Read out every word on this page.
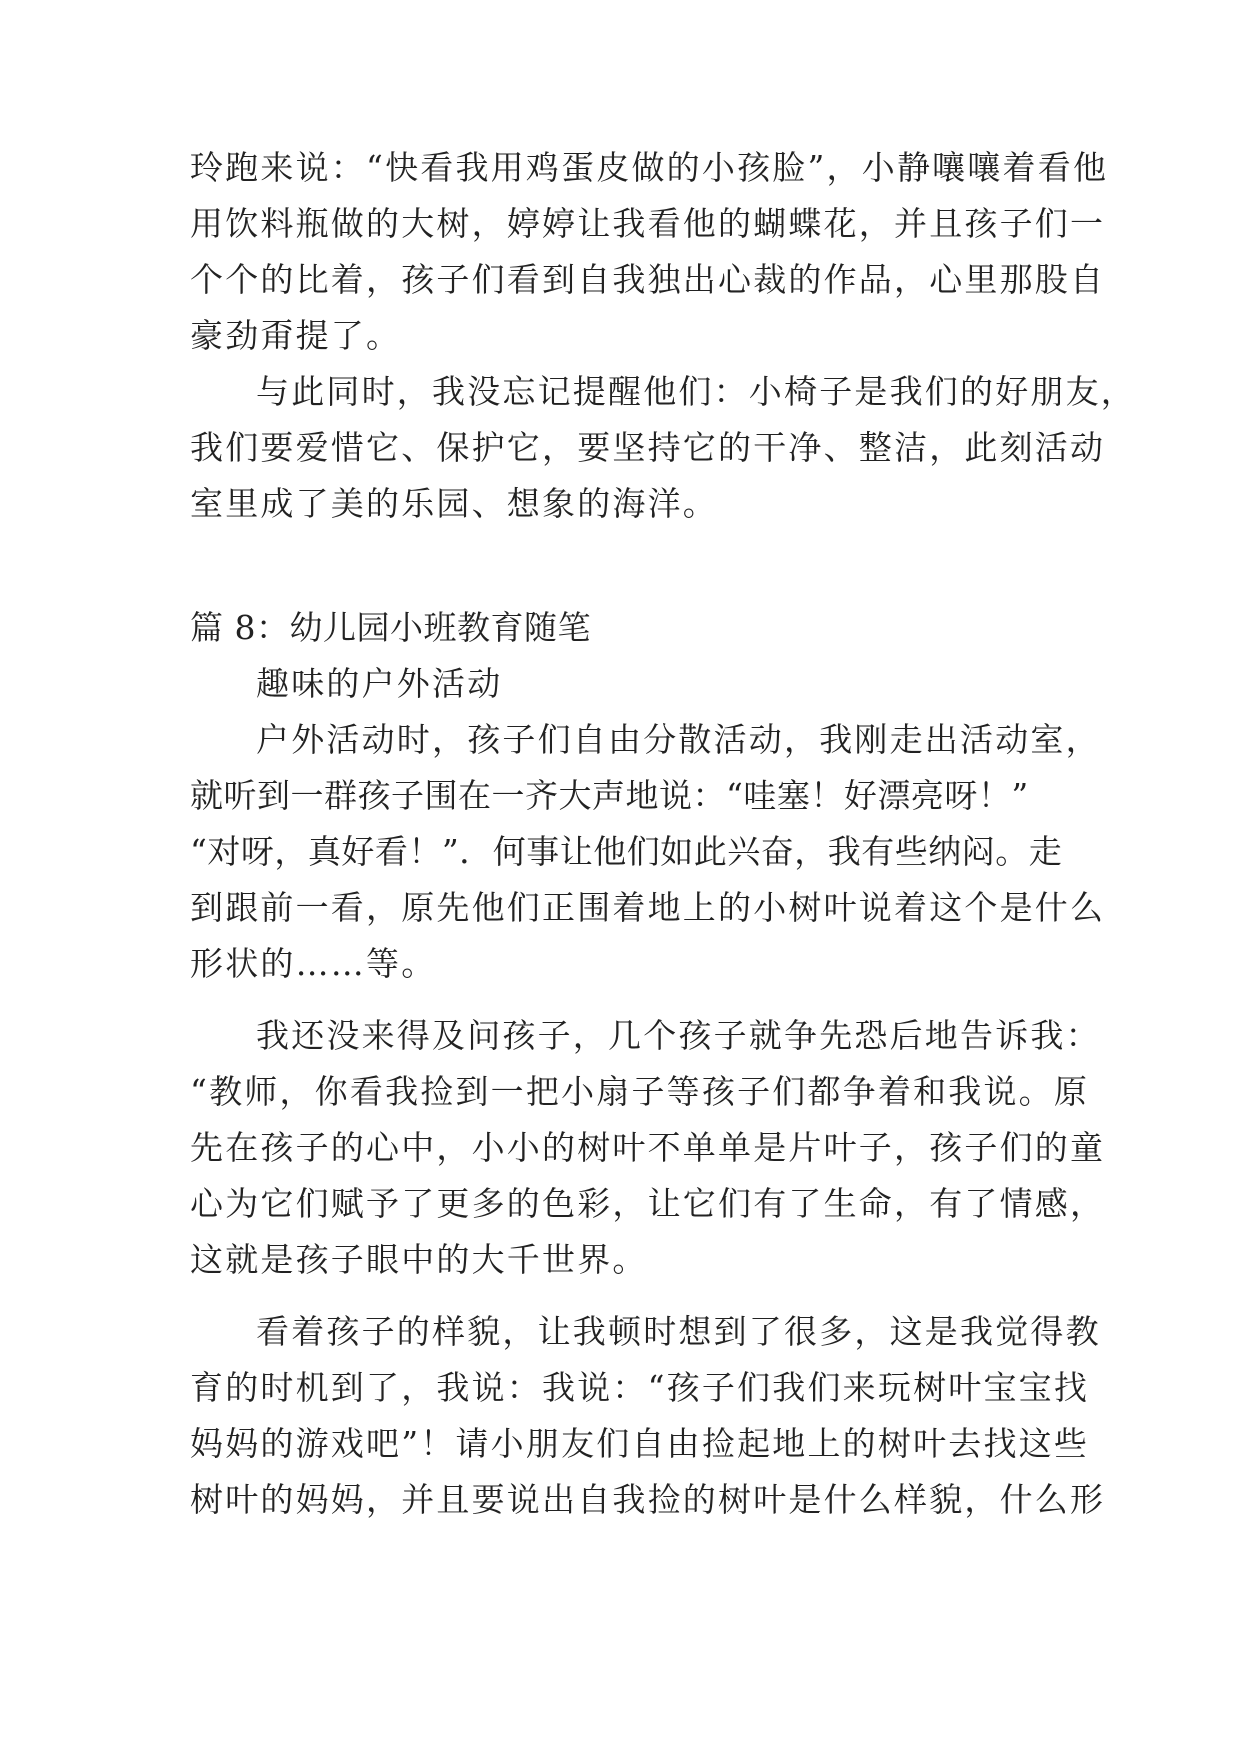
玲跑来说：“快看我用鸡蛋皮做的小孩脸”，小静嚷嚷着看他

用饮料瓶做的大树，婷婷让我看他的蝴蝶花，并且孩子们一

个个的比着，孩子们看到自我独出心裁的作品，心里那股自

豪劲甭提了。

与此同时，我没忘记提醒他们：小椅子是我们的好朋友，

我们要爱惜它、保护它，要坚持它的干净、整洁，此刻活动

室里成了美的乐园、想象的海洋。

篇 8：幼儿园小班教育随笔

趣味的户外活动

户外活动时，孩子们自由分散活动，我刚走出活动室，

就听到一群孩子围在一齐大声地说：“哇塞！好漂亮呀！”

“对呀，真好看！”．何事让他们如此兴奋，我有些纳闷。走

到跟前一看，原先他们正围着地上的小树叶说着这个是什么

形状的……等。

我还没来得及问孩子，几个孩子就争先恐后地告诉我：

“教师，你看我捡到一把小扇子等孩子们都争着和我说。原

先在孩子的心中，小小的树叶不单单是片叶子，孩子们的童

心为它们赋予了更多的色彩，让它们有了生命，有了情感，

这就是孩子眼中的大千世界。

看着孩子的样貌，让我顿时想到了很多，这是我觉得教

育的时机到了，我说：我说：“孩子们我们来玩树叶宝宝找

妈妈的游戏吧”！请小朋友们自由捡起地上的树叶去找这些

树叶的妈妈，并且要说出自我捡的树叶是什么样貌，什么形
